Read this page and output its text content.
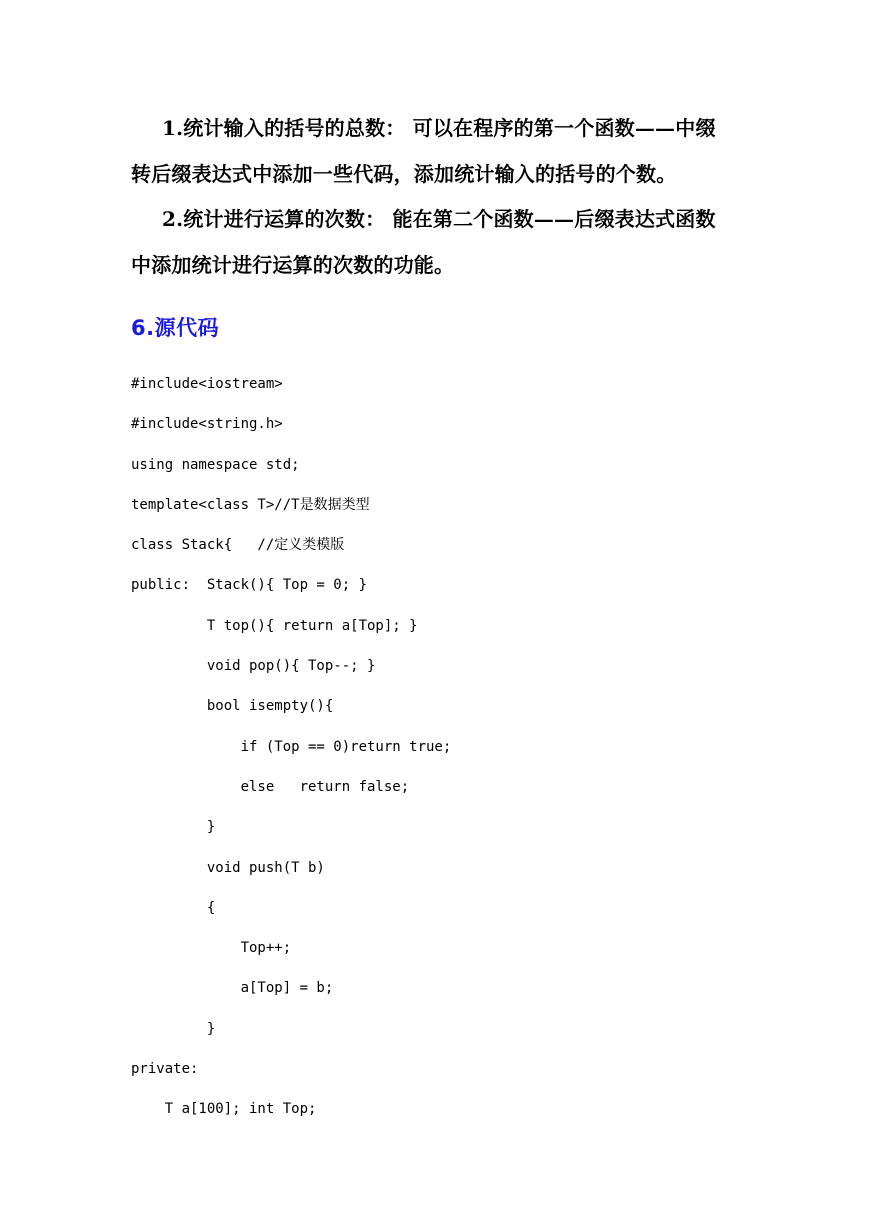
1.统计输入的括号的总数： 可以在程序的第一个函数——中缀
转后缀表达式中添加一些代码，添加统计输入的括号的个数。
2.统计进行运算的次数： 能在第二个函数——后缀表达式函数
中添加统计进行运算的次数的功能。
6.源代码
#include<iostream>
#include<string.h>
using namespace std;
template<class T>//T是数据类型
class Stack{   //定义类模版
public:  Stack(){ Top = 0; }
T top(){ return a[Top]; }
void pop(){ Top--; }
bool isempty(){
if (Top == 0)return true;
else   return false;
}
void push(T b)
{
Top++;
a[Top] = b;
}
private:
T a[100]; int Top;
